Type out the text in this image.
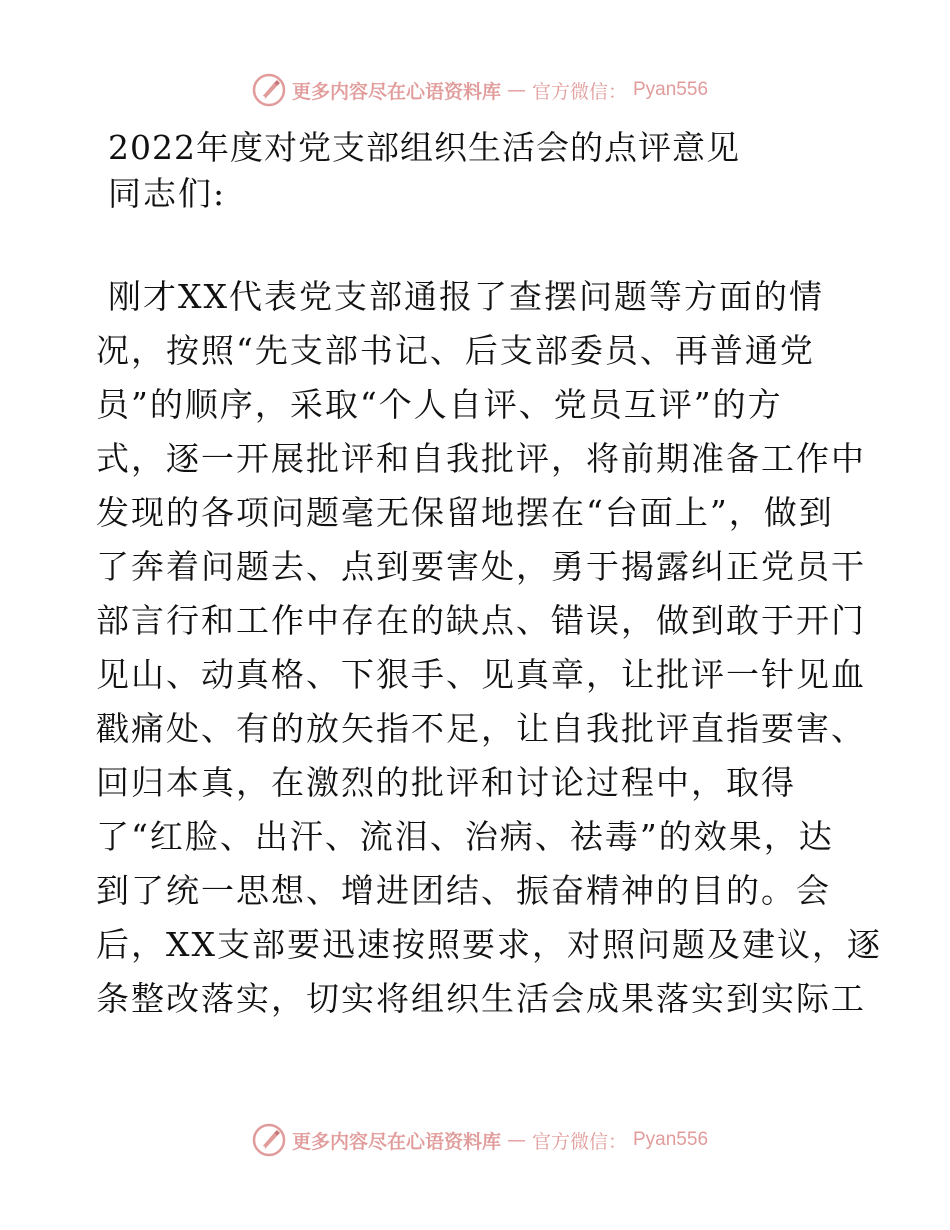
更多内容尽在心语资料库 — 官方微信： Pyan556
2022年度对党支部组织生活会的点评意见
同志们:
刚才XX代表党支部通报了查摆问题等方面的情
况，按照“先支部书记、后支部委员、再普通党
员”的顺序，采取“个人自评、党员互评”的方
式，逐一开展批评和自我批评，将前期准备工作中
发现的各项问题毫无保留地摆在“台面上”，做到
了奔着问题去、点到要害处，勇于揭露纠正党员干
部言行和工作中存在的缺点、错误，做到敢于开门
见山、动真格、下狠手、见真章，让批评一针见血
戳痛处、有的放矢指不足，让自我批评直指要害、
回归本真，在激烈的批评和讨论过程中，取得
了“红脸、出汗、流泪、治病、祛毒”的效果，达
到了统一思想、增进团结、振奋精神的目的。会
后，XX支部要迅速按照要求，对照问题及建议，逐
条整改落实，切实将组织生活会成果落实到实际工
更多内容尽在心语资料库 — 官方微信： Pyan556
